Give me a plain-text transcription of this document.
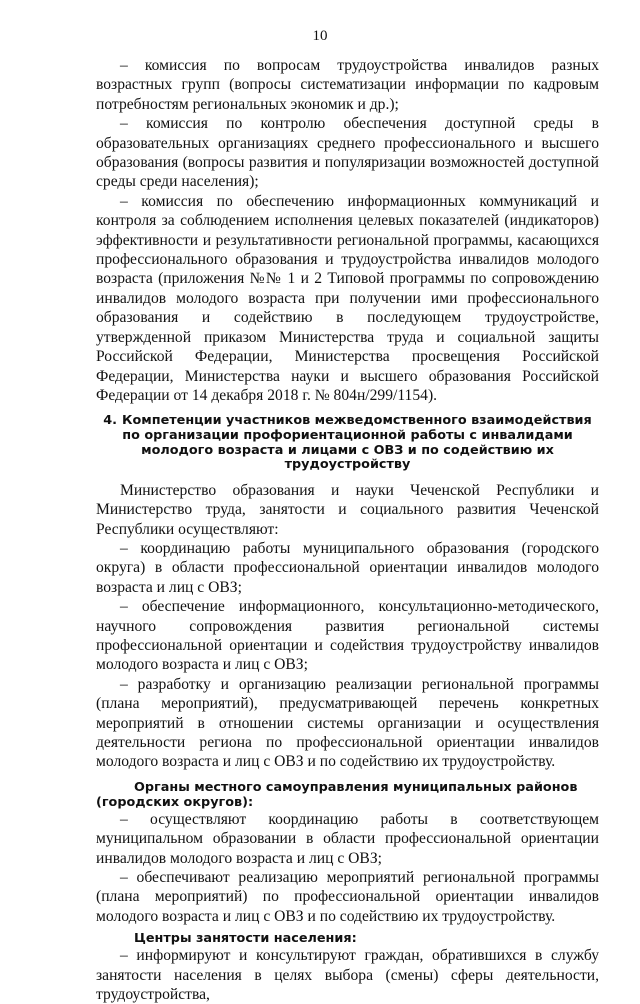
10

– комиссия по вопросам трудоустройства инвалидов разных возрастных групп (вопросы систематизации информации по кадровым потребностям региональных экономик и др.);

– комиссия по контролю обеспечения доступной среды в образовательных организациях среднего профессионального и высшего образования (вопросы развития и популяризации возможностей доступной среды среди населения);

– комиссия по обеспечению информационных коммуникаций и контроля за соблюдением исполнения целевых показателей (индикаторов) эффективности и результативности региональной программы, касающихся профессионального образования и трудоустройства инвалидов молодого возраста (приложения №№ 1 и 2 Типовой программы по сопровождению инвалидов молодого возраста при получении ими профессионального образования и содействию в последующем трудоустройстве, утвержденной приказом Министерства труда и социальной защиты Российской Федерации, Министерства просвещения Российской Федерации, Министерства науки и высшего образования Российской Федерации от 14 декабря 2018 г. № 804н/299/1154).

4. Компетенции участников межведомственного взаимодействия по организации профориентационной работы с инвалидами молодого возраста и лицами с ОВЗ и по содействию их трудоустройству

Министерство образования и науки Чеченской Республики и Министерство труда, занятости и социального развития Чеченской Республики осуществляют:

– координацию работы муниципального образования (городского округа) в области профессиональной ориентации инвалидов молодого возраста и лиц с ОВЗ;

– обеспечение информационного, консультационно-методического, научного сопровождения развития региональной системы профессиональной ориентации и содействия трудоустройству инвалидов молодого возраста и лиц с ОВЗ;

– разработку и организацию реализации региональной программы (плана мероприятий), предусматривающей перечень конкретных мероприятий в отношении системы организации и осуществления деятельности региона по профессиональной ориентации инвалидов молодого возраста и лиц с ОВЗ и по содействию их трудоустройству.

Органы местного самоуправления муниципальных районов (городских округов):

– осуществляют координацию работы в соответствующем муниципальном образовании в области профессиональной ориентации инвалидов молодого возраста и лиц с ОВЗ;

– обеспечивают реализацию мероприятий региональной программы (плана мероприятий) по профессиональной ориентации инвалидов молодого возраста и лиц с ОВЗ и по содействию их трудоустройству.

Центры занятости населения:

– информируют и консультируют граждан, обратившихся в службу занятости населения в целях выбора (смены) сферы деятельности, трудоустройства,
